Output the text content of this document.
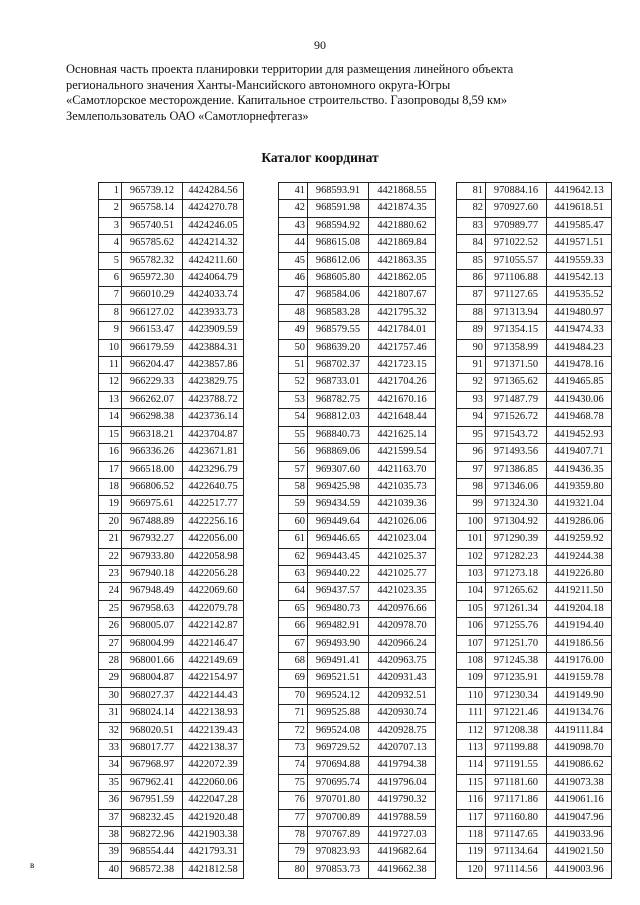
90
Основная часть проекта планировки территории для размещения линейного объекта
регионального значения Ханты-Мансийского автономного округа-Югры
«Самотлорское месторождение. Капитальное строительство. Газопроводы 8,59 км»
Землепользователь ОАО «Самотлорнефтегаз»
Каталог координат
1	965739.12	4424284.56
2	965758.14	4424270.78
3	965740.51	4424246.05
4	965785.62	4424214.32
5	965782.32	4424211.60
6	965972.30	4424064.79
7	966010.29	4424033.74
8	966127.02	4423933.73
9	966153.47	4423909.59
10	966179.59	4423884.31
11	966204.47	4423857.86
12	966229.33	4423829.75
13	966262.07	4423788.72
14	966298.38	4423736.14
15	966318.21	4423704.87
16	966336.26	4423671.81
17	966518.00	4423296.79
18	966806.52	4422640.75
19	966975.61	4422517.77
20	967488.89	4422256.16
21	967932.27	4422056.00
22	967933.80	4422058.98
23	967940.18	4422056.28
24	967948.49	4422069.60
25	967958.63	4422079.78
26	968005.07	4422142.87
27	968004.99	4422146.47
28	968001.66	4422149.69
29	968004.87	4422154.97
30	968027.37	4422144.43
31	968024.14	4422138.93
32	968020.51	4422139.43
33	968017.77	4422138.37
34	967968.97	4422072.39
35	967962.41	4422060.06
36	967951.59	4422047.28
37	968232.45	4421920.48
38	968272.96	4421903.38
39	968554.44	4421793.31
40	968572.38	4421812.58
41	968593.91	4421868.55
42	968591.98	4421874.35
43	968594.92	4421880.62
44	968615.08	4421869.84
45	968612.06	4421863.35
46	968605.80	4421862.05
47	968584.06	4421807.67
48	968583.28	4421795.32
49	968579.55	4421784.01
50	968639.20	4421757.46
51	968702.37	4421723.15
52	968733.01	4421704.26
53	968782.75	4421670.16
54	968812.03	4421648.44
55	968840.73	4421625.14
56	968869.06	4421599.54
57	969307.60	4421163.70
58	969425.98	4421035.73
59	969434.59	4421039.36
60	969449.64	4421026.06
61	969446.65	4421023.04
62	969443.45	4421025.37
63	969440.22	4421025.77
64	969437.57	4421023.35
65	969480.73	4420976.66
66	969482.91	4420978.70
67	969493.90	4420966.24
68	969491.41	4420963.75
69	969521.51	4420931.43
70	969524.12	4420932.51
71	969525.88	4420930.74
72	969524.08	4420928.75
73	969729.52	4420707.13
74	970694.88	4419794.38
75	970695.74	4419796.04
76	970701.80	4419790.32
77	970700.89	4419788.59
78	970767.89	4419727.03
79	970823.93	4419682.64
80	970853.73	4419662.38
81	970884.16	4419642.13
82	970927.60	4419618.51
83	970989.77	4419585.47
84	971022.52	4419571.51
85	971055.57	4419559.33
86	971106.88	4419542.13
87	971127.65	4419535.52
88	971313.94	4419480.97
89	971354.15	4419474.33
90	971358.99	4419484.23
91	971371.50	4419478.16
92	971365.62	4419465.85
93	971487.79	4419430.06
94	971526.72	4419468.78
95	971543.72	4419452.93
96	971493.56	4419407.71
97	971386.85	4419436.35
98	971346.06	4419359.80
99	971324.30	4419321.04
100	971304.92	4419286.06
101	971290.39	4419259.92
102	971282.23	4419244.38
103	971273.18	4419226.80
104	971265.62	4419211.50
105	971261.34	4419204.18
106	971255.76	4419194.40
107	971251.70	4419186.56
108	971245.38	4419176.00
109	971235.91	4419159.78
110	971230.34	4419149.90
111	971221.46	4419134.76
112	971208.38	4419111.84
113	971199.88	4419098.70
114	971191.55	4419086.62
115	971181.60	4419073.38
116	971171.86	4419061.16
117	971160.80	4419047.96
118	971147.65	4419033.96
119	971134.64	4419021.50
120	971114.56	4419003.96
в
